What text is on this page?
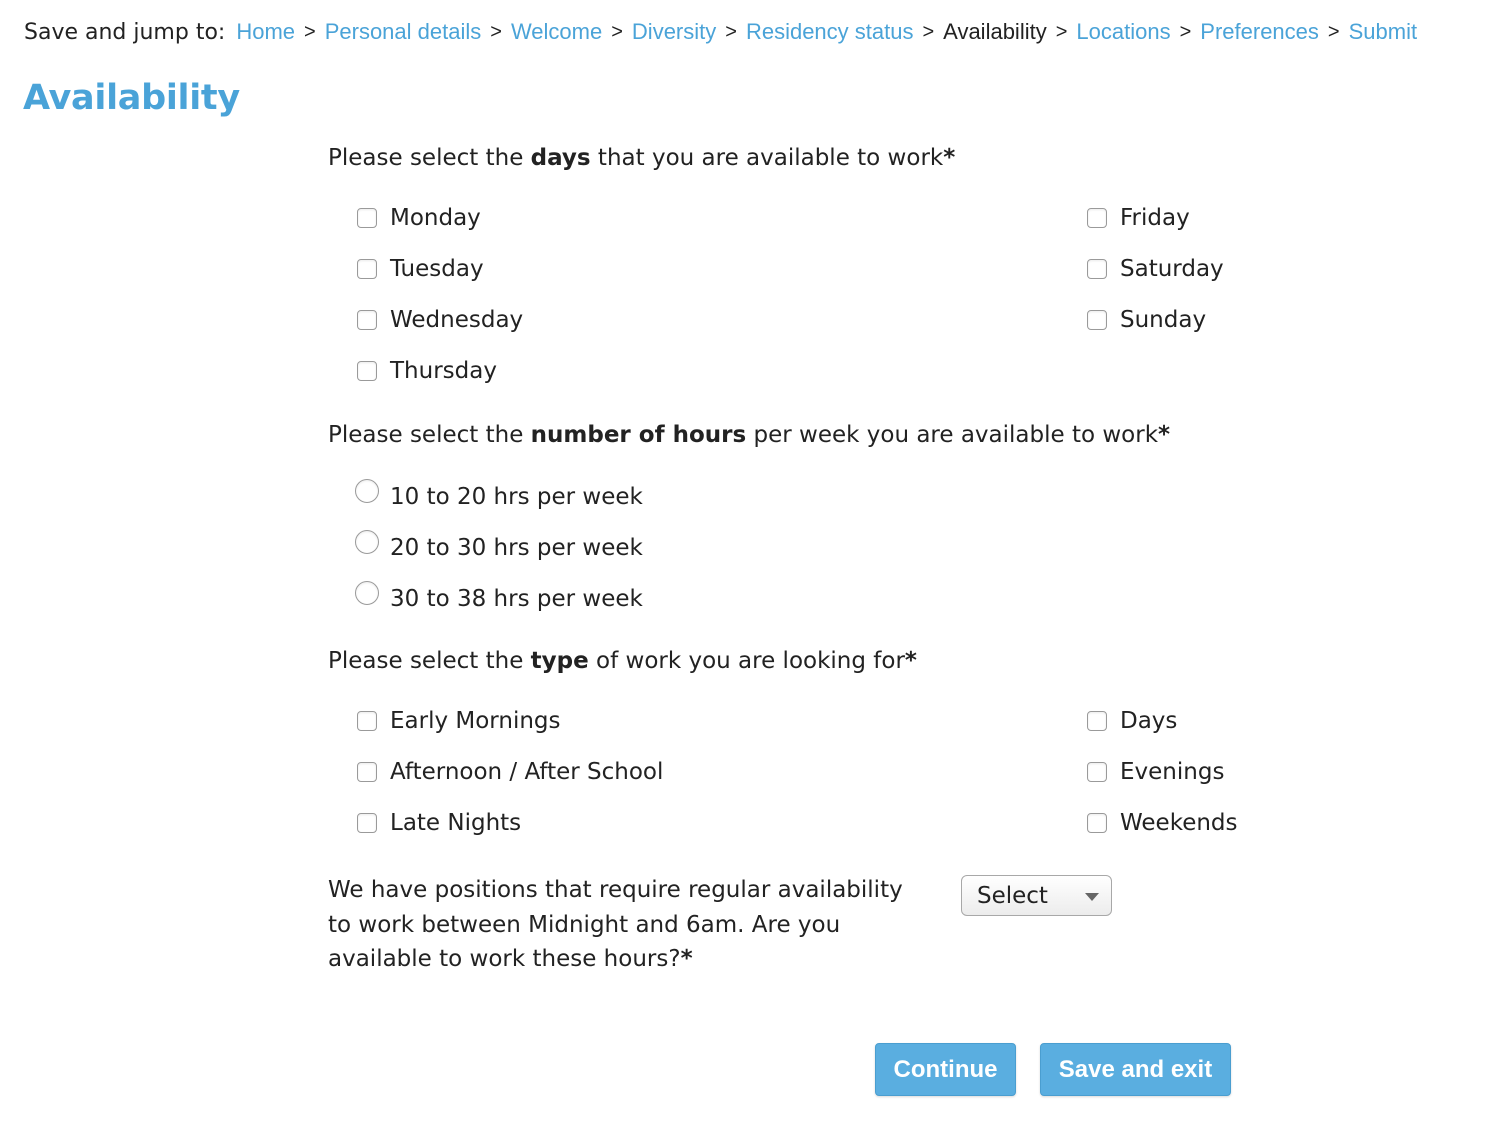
Save and jump to: Home > Personal details > Welcome > Diversity > Residency status > Availability > Locations > Preferences > Submit
Availability
Please select the days that you are available to work*
Monday
Tuesday
Wednesday
Thursday
Friday
Saturday
Sunday
Please select the number of hours per week you are available to work*
10 to 20 hrs per week
20 to 30 hrs per week
30 to 38 hrs per week
Please select the type of work you are looking for*
Early Mornings
Afternoon / After School
Late Nights
Days
Evenings
Weekends
We have positions that require regular availability to work between Midnight and 6am. Are you available to work these hours?*
Select
Continue	Save and exit
